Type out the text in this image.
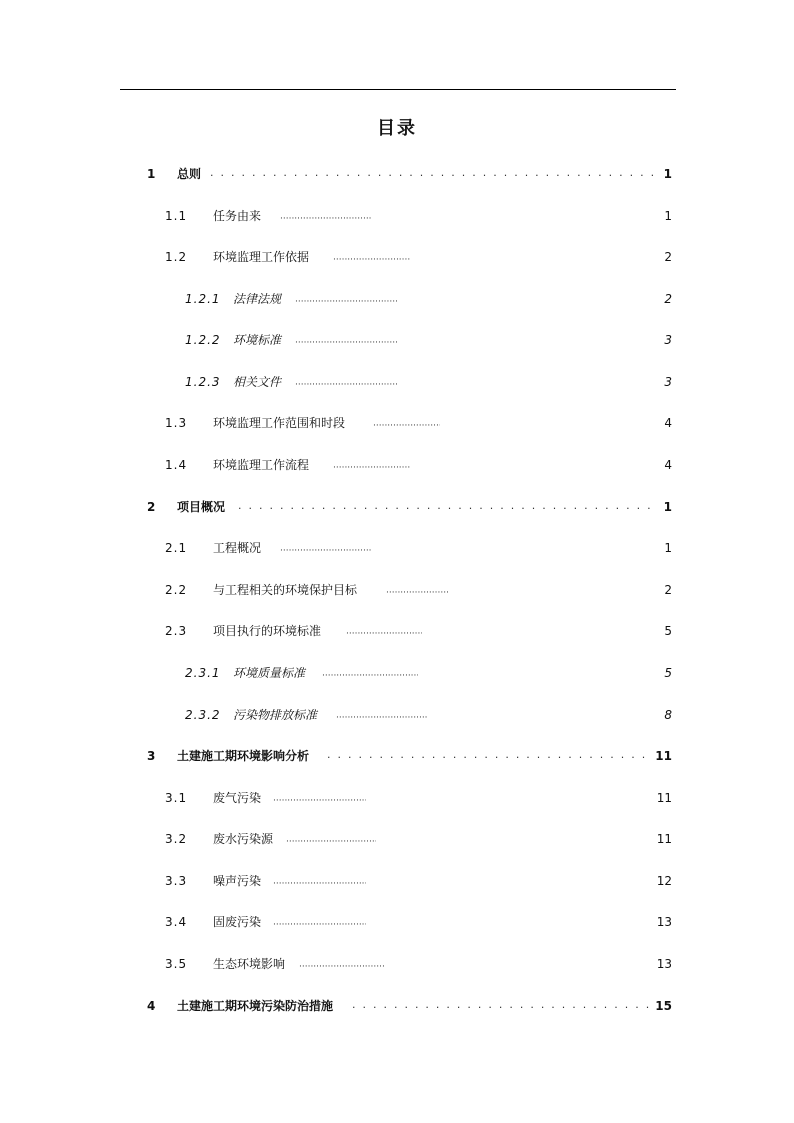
目录
1 总则 · ·	1
1.1 任务由来 ·····	1
1.2 环境监理工作依据 ·····	2
1.2.1 法律法规 ·····	2
1.2.2 环境标准 ·····	3
1.2.3 相关文件 ·····	3
1.3 环境监理工作范围和时段 ·····	4
1.4 环境监理工作流程 ·····	4
2 项目概况 · ·	1
2.1 工程概况 ·····	1
2.2 与工程相关的环境保护目标 ·····	2
2.3 项目执行的环境标准 ·····	5
2.3.1 环境质量标准 ·····	5
2.3.2 污染物排放标准 ·····	8
3 土建施工期环境影响分析 · ·	11
3.1 废气污染 ·····	11
3.2 废水污染源 ·····	11
3.3 噪声污染 ·····	12
3.4 固废污染 ·····	13
3.5 生态环境影响 ·····	13
4 土建施工期环境污染防治措施 · ·	15
